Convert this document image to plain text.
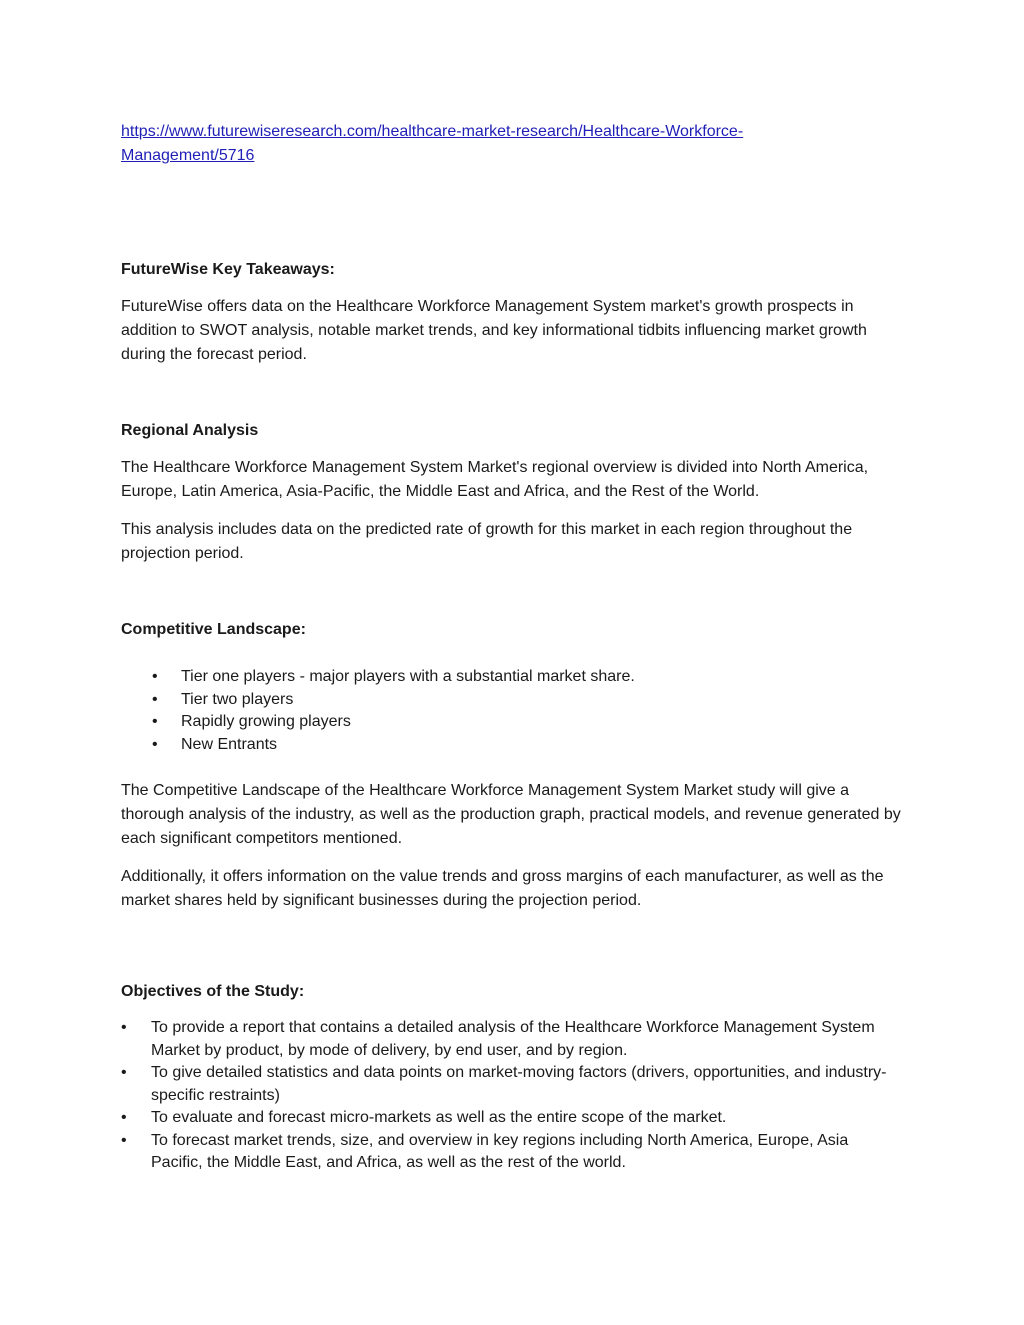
https://www.futurewiseresearch.com/healthcare-market-research/Healthcare-Workforce-
Management/5716
FutureWise Key Takeaways:

FutureWise offers data on the Healthcare Workforce Management System market's growth prospects in addition to SWOT analysis, notable market trends, and key informational tidbits influencing market growth during the forecast period.

Regional Analysis

The Healthcare Workforce Management System Market's regional overview is divided into North America, Europe, Latin America, Asia-Pacific, the Middle East and Africa, and the Rest of the World.

This analysis includes data on the predicted rate of growth for this market in each region throughout the projection period.

Competitive Landscape:
• Tier one players - major players with a substantial market share.
• Tier two players
• Rapidly growing players
• New Entrants

The Competitive Landscape of the Healthcare Workforce Management System Market study will give a thorough analysis of the industry, as well as the production graph, practical models, and revenue generated by each significant competitors mentioned.

Additionally, it offers information on the value trends and gross margins of each manufacturer, as well as the market shares held by significant businesses during the projection period.

Objectives of the Study:
• To provide a report that contains a detailed analysis of the Healthcare Workforce Management System Market by product, by mode of delivery, by end user, and by region.
• To give detailed statistics and data points on market-moving factors (drivers, opportunities, and industry-specific restraints)
• To evaluate and forecast micro-markets as well as the entire scope of the market.
• To forecast market trends, size, and overview in key regions including North America, Europe, Asia Pacific, the Middle East, and Africa, as well as the rest of the world.
